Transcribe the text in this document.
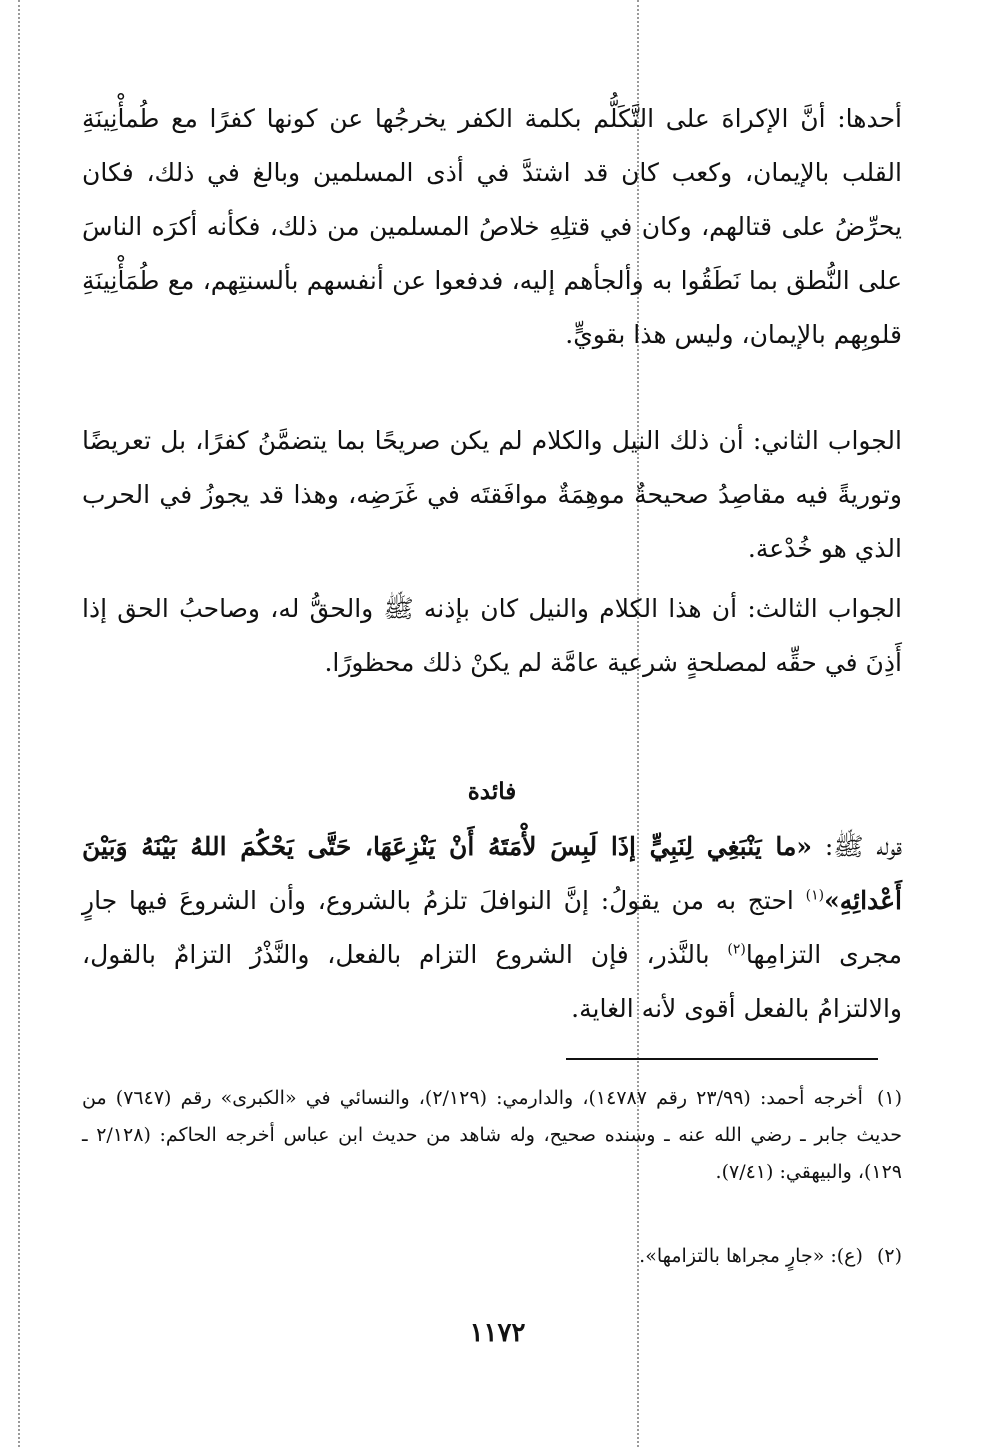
أحدها: أنَّ الإكراهَ على التَّكَلُّم بكلمة الكفر يخرجُها عن كونها كفرًا مع طُمأْنِينَةِ القلب بالإيمان، وكعب كان قد اشتدَّ في أذى المسلمين وبالغ في ذلك، فكان يحرِّضُ على قتالهم، وكان في قتلِهِ خلاصُ المسلمين من ذلك، فكأنه أكرَه الناسَ على النُّطق بما نَطَقُوا به وألجأهم إليه، فدفعوا عن أنفسهم بألسنتِهم، مع طُمَأْنِينَةِ قلوبِهم بالإيمان، وليس هذا بقويٍّ.

الجواب الثاني: أن ذلك النيل والكلام لم يكن صريحًا بما يتضمَّنُ كفرًا، بل تعريضًا وتوريةً فيه مقاصِدُ صحيحةٌ موهِمَةٌ موافَقتَه في غَرَضِه، وهذا قد يجوزُ في الحرب الذي هو خُدْعة.

الجواب الثالث: أن هذا الكلام والنيل كان بإذنه ﷺ والحقُّ له، وصاحبُ الحق إذا أَذِنَ في حقِّه لمصلحةٍ شرعية عامَّة لم يكنْ ذلك محظورًا.

فائدة

قوله ﷺ: «ما يَنْبَغِي لِنَبِيٍّ إذَا لَبِسَ لأْمَتَهُ أَنْ يَنْزِعَهَا، حَتَّى يَحْكُمَ اللهُ بَيْنَهُ وَبَيْنَ أَعْدائِهِ»$^{(١)}$ احتج به من يقولُ: إنَّ النوافلَ تلزمُ بالشروع، وأن الشروعَ فيها جارٍ مجرى التزامِها$^{(٢)}$ بالنَّذر، فإن الشروع التزام بالفعل، والنَّذْرُ التزامٌ بالقول، والالتزامُ بالفعل أقوى لأنه الغاية.

(١)أخرجه أحمد: (٢٣/٩٩ رقم ١٤٧٨٧)، والدارمي: (٢/١٢٩)، والنسائي في «الكبرى» رقم (٧٦٤٧) من حديث جابر ـ رضي الله عنه ـ وسنده صحيح، وله شاهد من حديث ابن عباس أخرجه الحاكم: (٢/١٢٨ ـ ١٢٩)، والبيهقي: (٧/٤١).

(٢)(ع): «جارٍ مجراها بالتزامها».

١١٧٢
